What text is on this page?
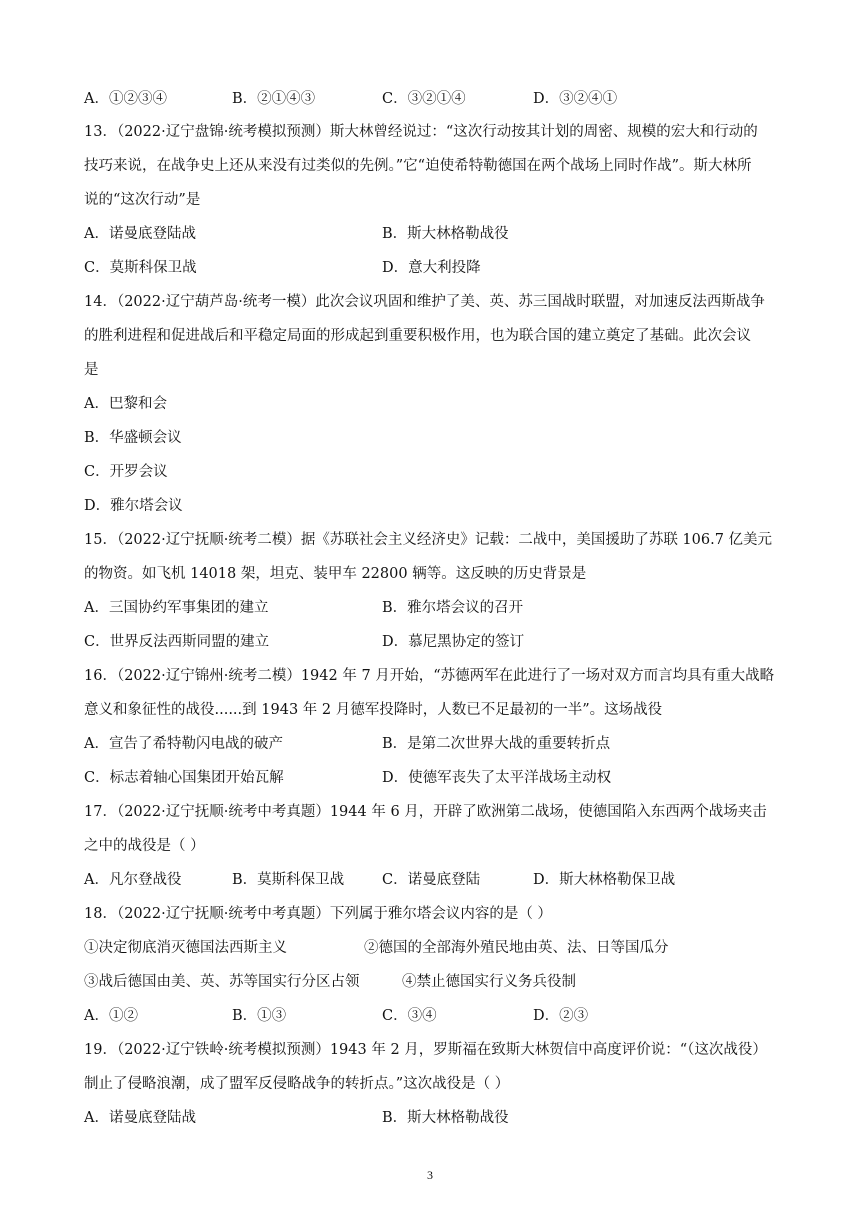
A．①②③④	B．②①④③	C．③②①④	D．③②④①
13．（2022·辽宁盘锦·统考模拟预测）斯大林曾经说过：“这次行动按其计划的周密、规模的宏大和行动的
技巧来说，在战争史上还从来没有过类似的先例。”它“迫使希特勒德国在两个战场上同时作战”。斯大林所
说的“这次行动”是
A．诺曼底登陆战	B．斯大林格勒战役
C．莫斯科保卫战	D．意大利投降
14．（2022·辽宁葫芦岛·统考一模）此次会议巩固和维护了美、英、苏三国战时联盟，对加速反法西斯战争
的胜利进程和促进战后和平稳定局面的形成起到重要积极作用，也为联合国的建立奠定了基础。此次会议
是
A．巴黎和会
B．华盛顿会议
C．开罗会议
D．雅尔塔会议
15．（2022·辽宁抚顺·统考二模）据《苏联社会主义经济史》记载：二战中，美国援助了苏联 106.7 亿美元
的物资。如飞机 14018 架，坦克、装甲车 22800 辆等。这反映的历史背景是
A．三国协约军事集团的建立	B．雅尔塔会议的召开
C．世界反法西斯同盟的建立	D．慕尼黑协定的签订
16．（2022·辽宁锦州·统考二模）1942 年 7 月开始，“苏德两军在此进行了一场对双方而言均具有重大战略
意义和象征性的战役......到 1943 年 2 月德军投降时，人数已不足最初的一半”。这场战役
A．宣告了希特勒闪电战的破产	B．是第二次世界大战的重要转折点
C．标志着轴心国集团开始瓦解	D．使德军丧失了太平洋战场主动权
17．（2022·辽宁抚顺·统考中考真题）1944 年 6 月，开辟了欧洲第二战场，使德国陷入东西两个战场夹击
之中的战役是（ ）
A．凡尔登战役	B．莫斯科保卫战	C．诺曼底登陆	D．斯大林格勒保卫战
18．（2022·辽宁抚顺·统考中考真题）下列属于雅尔塔会议内容的是（ ）
①决定彻底消灭德国法西斯主义	②德国的全部海外殖民地由英、法、日等国瓜分
③战后德国由美、英、苏等国实行分区占领	④禁止德国实行义务兵役制
A．①②	B．①③	C．③④	D．②③
19．（2022·辽宁铁岭·统考模拟预测）1943 年 2 月，罗斯福在致斯大林贺信中高度评价说：“（这次战役）
制止了侵略浪潮，成了盟军反侵略战争的转折点。”这次战役是（ ）
A．诺曼底登陆战	B．斯大林格勒战役
3
